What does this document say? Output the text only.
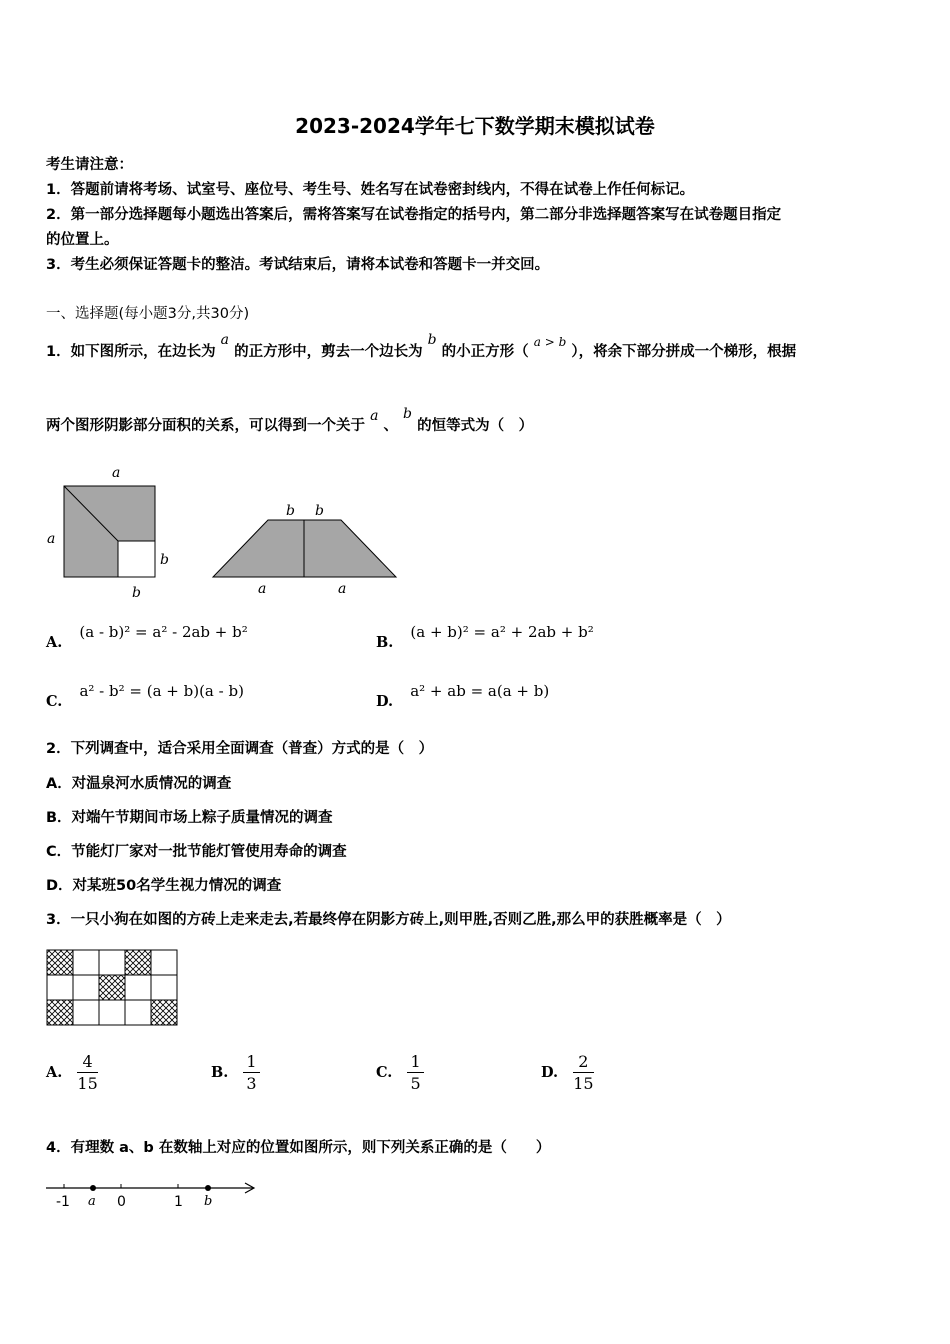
2023-2024学年七下数学期末模拟试卷
考生请注意：
1．答题前请将考场、试室号、座位号、考生号、姓名写在试卷密封线内，不得在试卷上作任何标记。
2．第一部分选择题每小题选出答案后，需将答案写在试卷指定的括号内，第二部分非选择题答案写在试卷题目指定
的位置上。
3．考生必须保证答题卡的整洁。考试结束后，请将本试卷和答题卡一并交回。
一、选择题(每小题3分,共30分)
1．如下图所示，在边长为 a 的正方形中，剪去一个边长为 b 的小正方形（ $^{a > b}$ ），将余下部分拼成一个梯形，根据
两个图形阴影部分面积的关系，可以得到一个关于 a 、 b 的恒等式为（　）
a
a
b
b
b b
a	a
A. (a - b)² = a² - 2ab + b²
B. (a + b)² = a² + 2ab + b²
C. a² - b² = (a + b)(a - b)
D. a² + ab = a(a + b)
2．下列调查中，适合采用全面调查（普查）方式的是（　）
A．对温泉河水质情况的调查
B．对端午节期间市场上粽子质量情况的调查
C．节能灯厂家对一批节能灯管使用寿命的调查
D．对某班50名学生视力情况的调查
3．一只小狗在如图的方砖上走来走去,若最终停在阴影方砖上,则甲胜,否则乙胜,那么甲的获胜概率是（　）
A. $\frac{4}{15}$	B. $\frac{1}{3}$	C. $\frac{1}{5}$	D. $\frac{2}{15}$
4．有理数 a、b 在数轴上对应的位置如图所示，则下列关系正确的是（　　）
-1 a 0	1 b
